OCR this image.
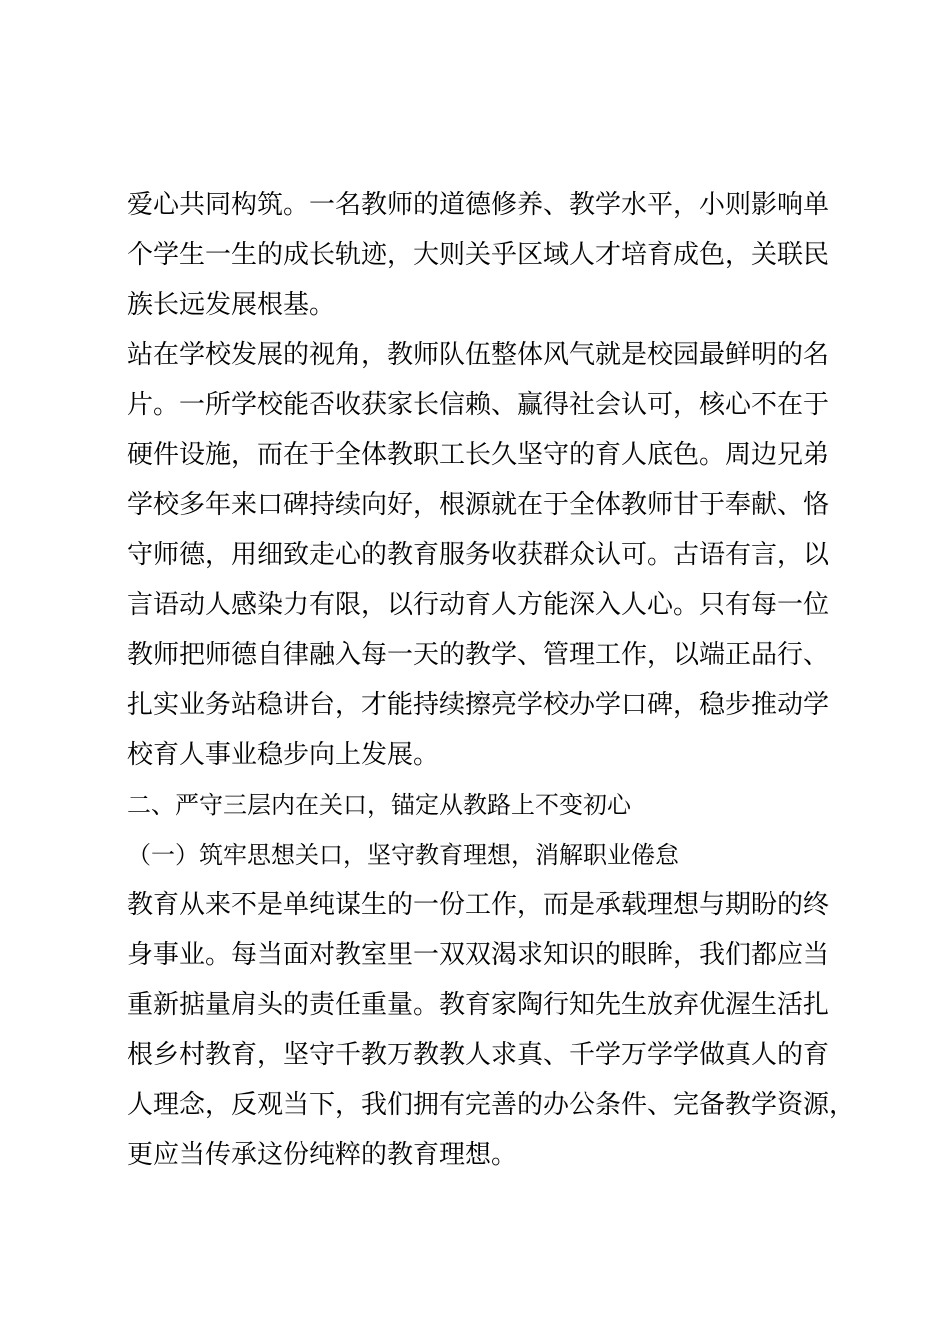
爱心共同构筑。一名教师的道德修养、教学水平，小则影响单
个学生一生的成长轨迹，大则关乎区域人才培育成色，关联民
族长远发展根基。
站在学校发展的视角，教师队伍整体风气就是校园最鲜明的名
片。一所学校能否收获家长信赖、赢得社会认可，核心不在于
硬件设施，而在于全体教职工长久坚守的育人底色。周边兄弟
学校多年来口碑持续向好，根源就在于全体教师甘于奉献、恪
守师德，用细致走心的教育服务收获群众认可。古语有言，以
言语动人感染力有限，以行动育人方能深入人心。只有每一位
教师把师德自律融入每一天的教学、管理工作，以端正品行、
扎实业务站稳讲台，才能持续擦亮学校办学口碑，稳步推动学
校育人事业稳步向上发展。
二、严守三层内在关口，锚定从教路上不变初心
（一）筑牢思想关口，坚守教育理想，消解职业倦怠
教育从来不是单纯谋生的一份工作，而是承载理想与期盼的终
身事业。每当面对教室里一双双渴求知识的眼眸，我们都应当
重新掂量肩头的责任重量。教育家陶行知先生放弃优渥生活扎
根乡村教育，坚守千教万教教人求真、千学万学学做真人的育
人理念，反观当下，我们拥有完善的办公条件、完备教学资源，
更应当传承这份纯粹的教育理想。
